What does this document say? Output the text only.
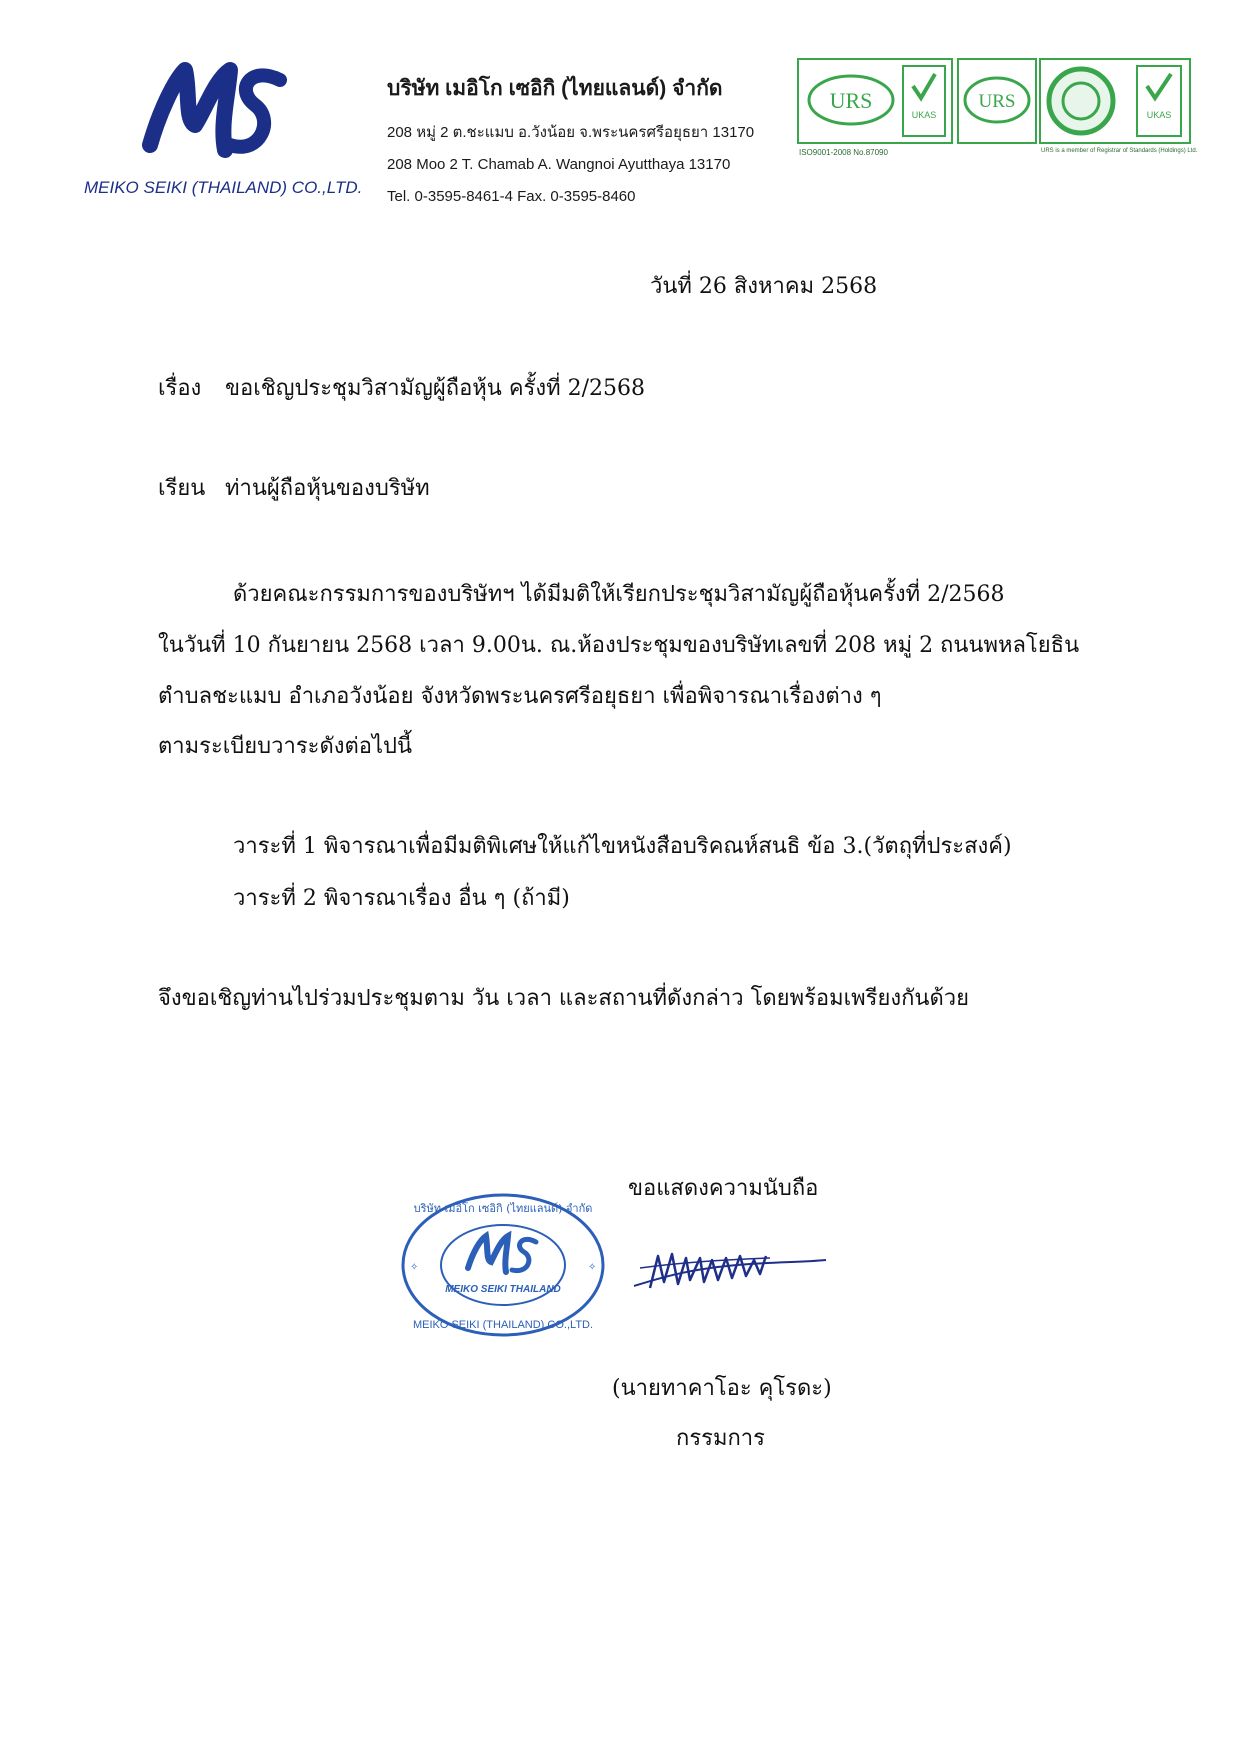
MEIKO SEIKI (THAILAND) CO.,LTD.
บริษัท เมอิโก เซอิกิ (ไทยแลนด์) จำกัด
208 หมู่ 2 ต.ชะแมบ อ.วังน้อย จ.พระนครศรีอยุธยา 13170
208 Moo 2 T. Chamab A. Wangnoi Ayutthaya 13170
Tel. 0-3595-8461-4 Fax. 0-3595-8460
URS
UKAS
URS
UKAS
ISO9001-2008 No.87090	URS is a member of Registrar of Standards (Holdings) Ltd.
วันที่ 26 สิงหาคม 2568
เรื่อง ขอเชิญประชุมวิสามัญผู้ถือหุ้น ครั้งที่ 2/2568
เรียน ท่านผู้ถือหุ้นของบริษัท
ด้วยคณะกรรมการของบริษัทฯ ได้มีมติให้เรียกประชุมวิสามัญผู้ถือหุ้นครั้งที่ 2/2568
ในวันที่ 10 กันยายน 2568 เวลา 9.00น. ณ.ห้องประชุมของบริษัทเลขที่ 208 หมู่ 2 ถนนพหลโยธิน
ตำบลชะแมบ อำเภอวังน้อย จังหวัดพระนครศรีอยุธยา เพื่อพิจารณาเรื่องต่าง ๆ
ตามระเบียบวาระดังต่อไปนี้
วาระที่ 1 พิจารณาเพื่อมีมติพิเศษให้แก้ไขหนังสือบริคณห์สนธิ ข้อ 3.(วัตถุที่ประสงค์)
วาระที่ 2 พิจารณาเรื่อง อื่น ๆ (ถ้ามี)
จึงขอเชิญท่านไปร่วมประชุมตาม วัน เวลา และสถานที่ดังกล่าว โดยพร้อมเพรียงกันด้วย
ขอแสดงความนับถือ
MEIKO SEIKI THAILAND
บริษัท เมอิโก เซอิกิ (ไทยแลนด์) จำกัด
MEIKO SEIKI (THAILAND) CO.,LTD.
✧	✧
(นายทาคาโอะ คุโรดะ)
กรรมการ
